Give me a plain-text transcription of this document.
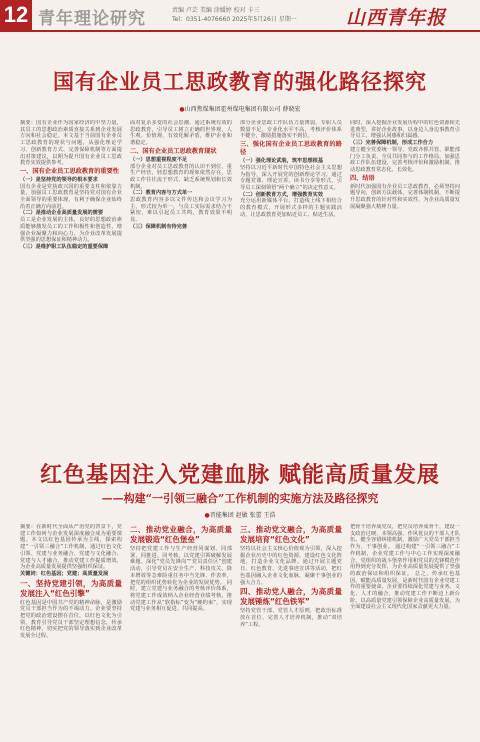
12 青年理论研究	责编 卢芸 美编 涂媛婷 校对 卡三
Tel：0351-4076660 2025年5月26日 星期一	山西青年报
国有企业员工思政教育的强化路径探究
●山西焦煤集团霍州煤电集团有限公司 薛晓宏
摘要：国有企业作为国家经济的中坚力量，其员工的思想政治素质直接关系到企业发展方向和社会稳定。本文基于当前国有企业员工思政教育的现状与问题，从强化理论学习、创新教育方式、完善保障机制等方面提出对策建议，以期为提升国有企业员工思政教育实效提供参考。
一、国有企业员工思政教育的重要性
（一）是坚持党的领导的根本要求
国有企业是党执政兴国的重要支柱和依靠力量，加强员工思政教育是坚持党对国有企业全面领导的重要体现，有利于确保企业始终沿着正确方向前进。
（二）是推动企业高质量发展的需要
员工是企业发展的主体，良好的思想政治素质能够激发员工的工作积极性和创造性，增强企业凝聚力和向心力，为企业改革发展提供坚强的思想保证和精神动力。
（三）是维护职工队伍稳定的重要保障
面对复杂多变的社会思潮，通过系统有效的思政教育，引导员工树立正确的世界观、人生观、价值观，有效化解矛盾，维护企业和谐稳定。
二、国有企业员工思政教育现状
（一）思想重视程度不足
部分企业对员工思政教育的认识不到位，重生产经营、轻思想教育的现象依然存在，思政工作往往流于形式，缺乏系统规划和长效机制。
（二）教育内容与方式单一
思政教育内容多以文件传达和会议学习为主，形式较为单一，与员工实际需求结合不紧密，难以引起员工共鸣，教育效果不明显。
（三）保障机制有待完善
部分企业思政工作队伍力量薄弱，专职人员数量不足，专业化水平不高，考核评价体系不健全，激励措施落实不到位。
三、强化国有企业员工思政教育的路径
（一）强化理论武装，筑牢思想根基
坚持以习近平新时代中国特色社会主义思想为指导，深入开展党的创新理论学习，通过专题党课、理论宣讲、读书分享等形式，引导员工深刻领悟“两个确立”的决定性意义。
（二）创新教育方式，增强教育实效
充分运用新媒体平台，打造线上线下相结合的教育模式，开展形式多样的主题实践活动，让思政教育更加贴近员工、贴近生活。
同时，深入挖掘企业发展历程中的红色资源和先进典型，讲好企业故事，以身边人身边事教育引导员工，增强认同感和归属感。
（三）完善保障机制，形成工作合力
建立健全党委统一领导、党政齐抓共管、职能部门分工负责、全员共同参与的工作格局，加强思政工作队伍建设，完善考核评价和激励机制，推动思政教育常态化、长效化。
四、结语
新时代加强国有企业员工思政教育，必须坚持问题导向，创新方法载体，完善体制机制，不断提升思政教育的针对性和实效性，为企业高质量发展凝聚强大精神力量。
红色基因注入党建血脉 赋能高质量发展
——构建“一引领三融合”工作机制的实施方法及路径探究
●晋能集团 赵敏 张蕾 王浩
摘要：在新时代全面从严治党的背景下，党建工作如何与企业发展深度融合成为重要课题。本文以红色基因传承为主线，探索构建“一引领三融合”工作机制，通过红色文化引领、党建与业务融合、党建与文化融合、党建与人才融合，推动党建工作提质增效，为企业高质量发展提供坚强组织保证。
关键词：红色基因；党建；高质量发展
一、坚持党建引领，为高质量发展注入“红色引擎”
红色基因是中国共产党的精神命脉，是激励党员干部担当作为的不竭动力。企业要坚持把党的政治建设摆在首位，以红色文化为引领，教育引导党员干部坚定理想信念，传承红色精神，切实把党的领导落实到企业改革发展全过程。
二、推动党业融合，为高质量发展锻造“红色堡垒”
坚持把党建工作与生产经营同谋划、同部署、同推进、同考核，以党建引领破解发展难题。深化“党员先锋岗”“党员责任区”创建活动，引导党员在安全生产、科技攻关、降本增效等急难险重任务中当先锋、作表率，把党的组织优势转化为企业的发展优势。 同时，建立党建与业务融合的考核评价体系，将党建工作成效纳入企业经营业绩考核，推动党建工作从“软指标”变为“硬约束”，实现党建与业务相互促进、共同提高。
三、推动党文融合，为高质量发展培育“红色文化”
坚持以社会主义核心价值观为引领，深入挖掘企业历史中的红色资源，建设红色文化阵地，打造企业文化品牌。通过开展主题党日、红色教育、先进事迹宣讲等活动，把红色基因融入企业文化血脉，凝聚干事创业的强大合力。
四、推动党人融合，为高质量发展锤炼“红色铁军”
坚持党管干部、党管人才原则，把政治标准放在首位，完善人才培养机制，推动“双培养”工程。
把骨干培养成党员，把党员培养成骨干，建设一支政治过硬、本领高强、作风优良的干部人才队伍。健全容错纠错机制，激励广大党员干部担当作为、干事创业。 通过构建“一引领三融合”工作机制，企业党建工作与中心工作实现深度融合，党组织的战斗堡垒作用和党员的先锋模范作用得到充分发挥，为企业高质量发展提供了坚强的政治保证和组织保证。 总之，传承红色基因，赋能高质量发展，是新时代国有企业党建工作的重要使命。企业要持续深化党建与业务、文化、人才的融合，推动党建工作不断迈上新台阶，以高质量党建引领保障企业高质量发展，为全面建设社会主义现代化国家贡献更大力量。
